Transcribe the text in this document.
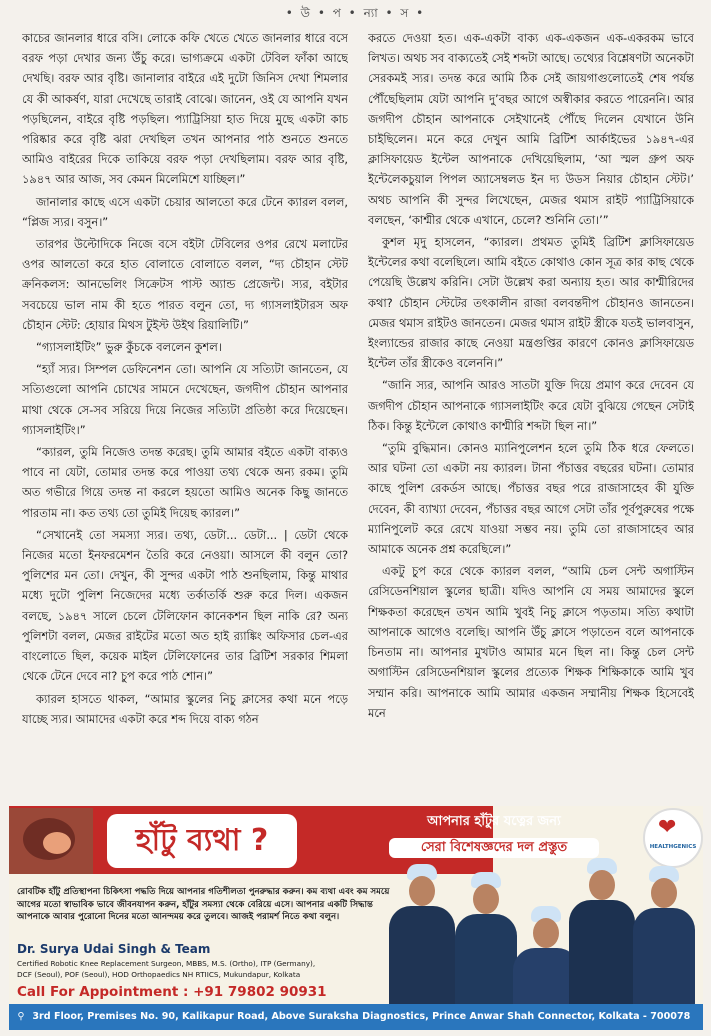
• উ • প • ন্যা • স •

কাচের জানলার ধারে বসি। লোকে কফি খেতে খেতে জানলার ধারে বসে বরফ পড়া দেখার জন্য উঁচু করে। ভাগ্যক্রমে একটা টেবিল ফাঁকা আছে দেখছি। বরফ আর বৃষ্টি। জানালার বাইরে এই দুটো জিনিস দেখা শিমলার যে কী আকর্ষণ, যারা দেখেছে তারাই বোঝে। জানেন, ওই যে আপনি যখন পড়ছিলেন, বাইরে বৃষ্টি পড়ছিল। প্যাট্রিসিয়া হাত দিয়ে মুছে একটা কাচ পরিষ্কার করে বৃষ্টি ঝরা দেখছিল তখন আপনার পাঠ শুনতে শুনতে আমিও বাইরের দিকে তাকিয়ে বরফ পড়া দেখছিলাম। বরফ আর বৃষ্টি, ১৯৪৭ আর আজ, সব কেমন মিলেমিশে যাচ্ছিল।”

জানালার কাছে এসে একটা চেয়ার আলতো করে টেনে ক্যারল বলল, “প্লিজ স্যর। বসুন।”

তারপর উল্টোদিকে নিজে বসে বইটা টেবিলের ওপর রেখে মলাটের ওপর আলতো করে হাত বোলাতে বোলাতে বলল, “দ্য চৌহান স্টেট ক্রনিকলস: আনভেলিং সিক্রেটস পাস্ট অ্যান্ড প্রেজেন্ট। স্যর, বইটার সবচেয়ে ভাল নাম কী হতে পারত বলুন তো, দ্য গ্যাসলাইটারস অফ চৌহান স্টেট: হোয়ার মিথস টুইস্ট উইথ রিয়ালিটি।”

“গ্যাসলাইটিং” ভুরু কুঁচকে বললেন কুশল।

“হ্যাঁ স্যর। সিম্পল ডেফিনেশন তো। আপনি যে সত্যিটা জানতেন, যে সত্যিগুলো আপনি চোখের সামনে দেখেছেন, জগদীপ চৌহান আপনার মাথা থেকে সে-সব সরিয়ে দিয়ে নিজের সত্যিটা প্রতিষ্ঠা করে দিয়েছেন। গ্যাসলাইটিং।”

“ক্যারল, তুমি নিজেও তদন্ত করেছ। তুমি আমার বইতে একটা বাক্যও পাবে না যেটা, তোমার তদন্ত করে পাওয়া তথ্য থেকে অন্য রকম। তুমি অত গভীরে গিয়ে তদন্ত না করলে হয়তো আমিও অনেক কিছু জানতে পারতাম না। কত তথ্য তো তুমিই দিয়েছ ক্যারল।”

“সেখানেই তো সমস্যা স্যর। তথ্য, ডেটা... ডেটা... | ডেটা থেকে নিজের মতো ইনফরমেশন তৈরি করে নেওয়া। আসলে কী বলুন তো? পুলিশের মন তো। দেখুন, কী সুন্দর একটা পাঠ শুনছিলাম, কিন্তু মাথার মধ্যে দুটো পুলিশ নিজেদের মধ্যে তর্কাতর্কি শুরু করে দিল। একজন বলছে, ১৯৪৭ সালে চেলে টেলিফোন কানেকশন ছিল নাকি রে? অন্য পুলিশটা বলল, মেজর রাইটের মতো অত হাই র‍্যাঙ্কিং অফিসার চেল-এর বাংলোতে ছিল, কয়েক মাইল টেলিফোনের তার ব্রিটিশ সরকার শিমলা থেকে টেনে দেবে না? চুপ করে পাঠ শোন।”

ক্যারল হাসতে থাকল, “আমার স্কুলের নিচু ক্লাসের কথা মনে পড়ে যাচ্ছে স্যর। আমাদের একটা করে শব্দ দিয়ে বাক্য গঠন

করতে দেওয়া হত। এক-একটা বাক্য এক-একজন এক-একরকম ভাবে লিখত। অথচ সব বাক্যতেই সেই শব্দটা আছে। তথ্যের বিশ্লেষণটা অনেকটা সেরকমই স্যর। তদন্ত করে আমি ঠিক সেই জায়গাগুলোতেই শেষ পর্যন্ত পৌঁছেছিলাম যেটা আপনি দু’বছর আগে অস্বীকার করতে পারেননি। আর জগদীপ চৌহান আপনাকে সেইখানেই পৌঁছে দিলেন যেখানে উনি চাইছিলেন। মনে করে দেখুন আমি ব্রিটিশ আর্কাইভের ১৯৪৭-এর ক্লাসিফায়েড ইন্টেল আপনাকে দেখিয়েছিলাম, ‘আ স্মল গ্রুপ অফ ইন্টেলেকচুয়াল পিপল অ্যাসেম্বলড ইন দ্য উডস নিয়ার চৌহান স্টেট।’ অথচ আপনি কী সুন্দর লিখেছেন, মেজর থমাস রাইট প্যাট্রিসিয়াকে বলছেন, ‘কাশ্মীর থেকে এখানে, চেলে? শুনিনি তো।’”

কুশল মৃদু হাসলেন, “ক্যারল। প্রথমত তুমিই ব্রিটিশ ক্লাসিফায়েড ইন্টেলের কথা বলেছিলে। আমি বইতে কোথাও কোন সূত্র কার কাছ থেকে পেয়েছি উল্লেখ করিনি। সেটা উল্লেখ করা অন্যায় হত। আর কাশ্মীরিদের কথা? চৌহান স্টেটের তৎকালীন রাজা বলবন্তদীপ চৌহানও জানতেন। মেজর থমাস রাইটও জানতেন। মেজর থমাস রাইট স্ত্রীকে যতই ভালবাসুন, ইংল্যান্ডের রাজার কাছে নেওয়া মন্ত্রগুপ্তির কারণে কোনও ক্লাসিফায়েড ইন্টেল তাঁর স্ত্রীকেও বলেননি।”

“জানি স্যর, আপনি আরও সাতটা যুক্তি দিয়ে প্রমাণ করে দেবেন যে জগদীপ চৌহান আপনাকে গ্যাসলাইটিং করে যেটা বুঝিয়ে গেছেন সেটাই ঠিক। কিন্তু ইন্টেলে কোথাও কাশ্মীরি শব্দটা ছিল না।”

“তুমি বুদ্ধিমান। কোনও ম্যানিপুলেশন হলে তুমি ঠিক ধরে ফেলতে। আর ঘটনা তো একটা নয় ক্যারল। টানা পঁচাত্তর বছরের ঘটনা। তোমার কাছে পুলিশ রেকর্ডস আছে। পঁচাত্তর বছর পরে রাজাসাহেব কী যুক্তি দেবেন, কী ব্যাখ্যা দেবেন, পঁচাত্তর বছর আগে সেটা তাঁর পূর্বপুরুষের পক্ষে ম্যানিপুলেট করে রেখে যাওয়া সম্ভব নয়। তুমি তো রাজাসাহেব আর আমাকে অনেক প্রশ্ন করেছিলে।”

একটু চুপ করে থেকে ক্যারল বলল, “আমি চেল সেন্ট অগাস্টিন রেসিডেনশিয়াল স্কুলের ছাত্রী। যদিও আপনি যে সময় আমাদের স্কুলে শিক্ষকতা করেছেন তখন আমি খুবই নিচু ক্লাসে পড়তাম। সত্যি কথাটা আপনাকে আগেও বলেছি। আপনি উঁচু ক্লাসে পড়াতেন বলে আপনাকে চিনতাম না। আপনার মুখটাও আমার মনে ছিল না। কিন্তু চেল সেন্ট অগাস্টিন রেসিডেনশিয়াল স্কুলের প্রত্যেক শিক্ষক শিক্ষিকাকে আমি খুব সম্মান করি। আপনাকে আমি আমার একজন সম্মানীয় শিক্ষক হিসেবেই মনে

হাঁটু ব্যথা ?
আপনার হাঁটুর যত্নের জন্য
সেরা বিশেষজ্ঞদের দল প্রস্তুত
❤
HEALTHGENICS
রোবটিক হাঁটু প্রতিস্থাপনা চিকিৎসা পদ্ধতি দিয়ে আপনার গতিশীলতা পুনরুদ্ধার করুন। কম ব্যথা এবং কম সময়ে আগের মতো স্বাভাবিক ভাবে জীবনযাপন করুন, হাঁটুর সমস্যা থেকে বেরিয়ে এসে। আপনার একটি সিদ্ধান্ত আপনাকে আবার পুরোনো দিনের মতো আনন্দময় করে তুলবে। আজই পরামর্শ নিতে কথা বলুন।
Dr. Surya Udai Singh & Team
Certified Robotic Knee Replacement Surgeon, MBBS, M.S. (Ortho), ITP (Germany),
DCF (Seoul), POF (Seoul), HOD Orthopaedics NH RTIICS, Mukundapur, Kolkata
Call For Appointment : +91 79802 90931
⚲ 3rd Floor, Premises No. 90, Kalikapur Road, Above Suraksha Diagnostics, Prince Anwar Shah Connector, Kolkata - 700078
